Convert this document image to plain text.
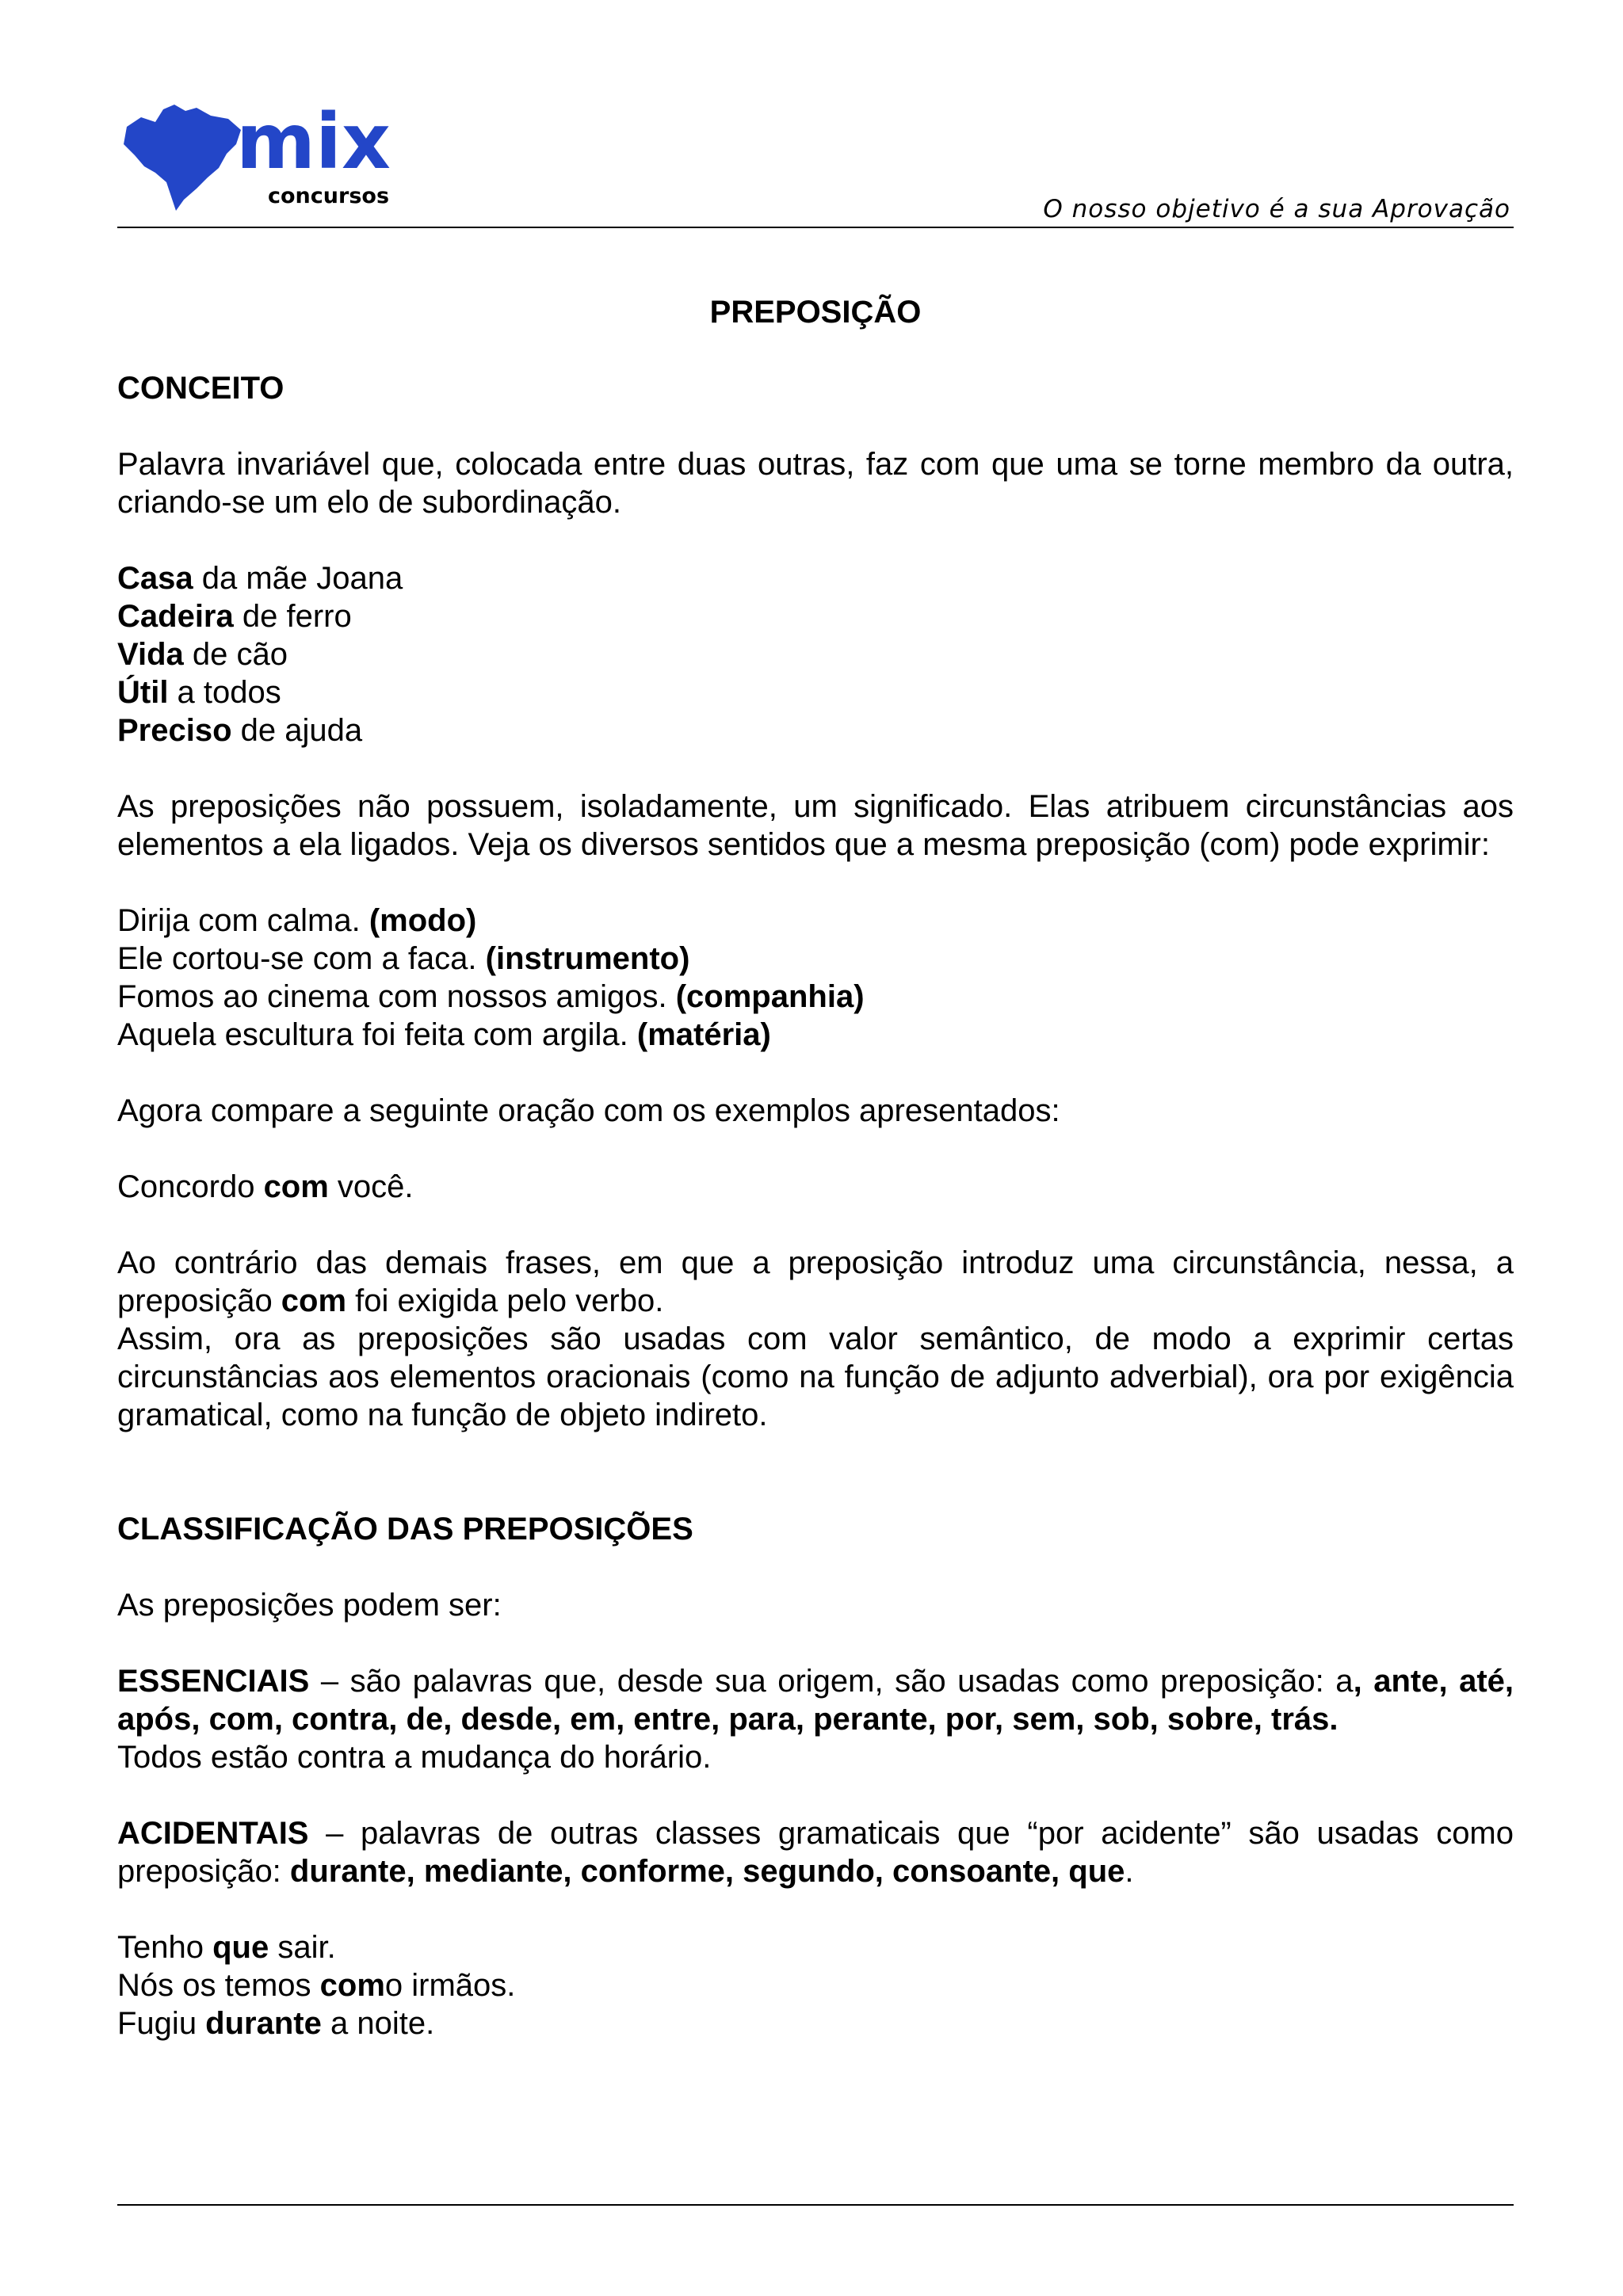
mix
concursos	O nosso objetivo é a sua Aprovação

PREPOSIÇÃO

CONCEITO

Palavra invariável que, colocada entre duas outras, faz com que uma se torne membro da outra, criando-se um elo de subordinação.

Casa da mãe Joana

Cadeira de ferro

Vida de cão

Útil a todos

Preciso de ajuda

As preposições não possuem, isoladamente, um significado. Elas atribuem circunstâncias aos elementos a ela ligados. Veja os diversos sentidos que a mesma preposição (com) pode exprimir:

Dirija com calma. (modo)

Ele cortou-se com a faca. (instrumento)

Fomos ao cinema com nossos amigos. (companhia)

Aquela escultura foi feita com argila. (matéria)

Agora compare a seguinte oração com os exemplos apresentados:

Concordo com você.

Ao contrário das demais frases, em que a preposição introduz uma circunstância, nessa, a preposição com foi exigida pelo verbo.

Assim, ora as preposições são usadas com valor semântico, de modo a exprimir certas circunstâncias aos elementos oracionais (como na função de adjunto adverbial), ora por exigência gramatical, como na função de objeto indireto.

CLASSIFICAÇÃO DAS PREPOSIÇÕES

As preposições podem ser:

ESSENCIAIS – são palavras que, desde sua origem, são usadas como preposição: a, ante, até, após, com, contra, de, desde, em, entre, para, perante, por, sem, sob, sobre, trás.

Todos estão contra a mudança do horário.

ACIDENTAIS – palavras de outras classes gramaticais que “por acidente” são usadas como preposição: durante, mediante, conforme, segundo, consoante, que.

Tenho que sair.

Nós os temos como irmãos.

Fugiu durante a noite.
